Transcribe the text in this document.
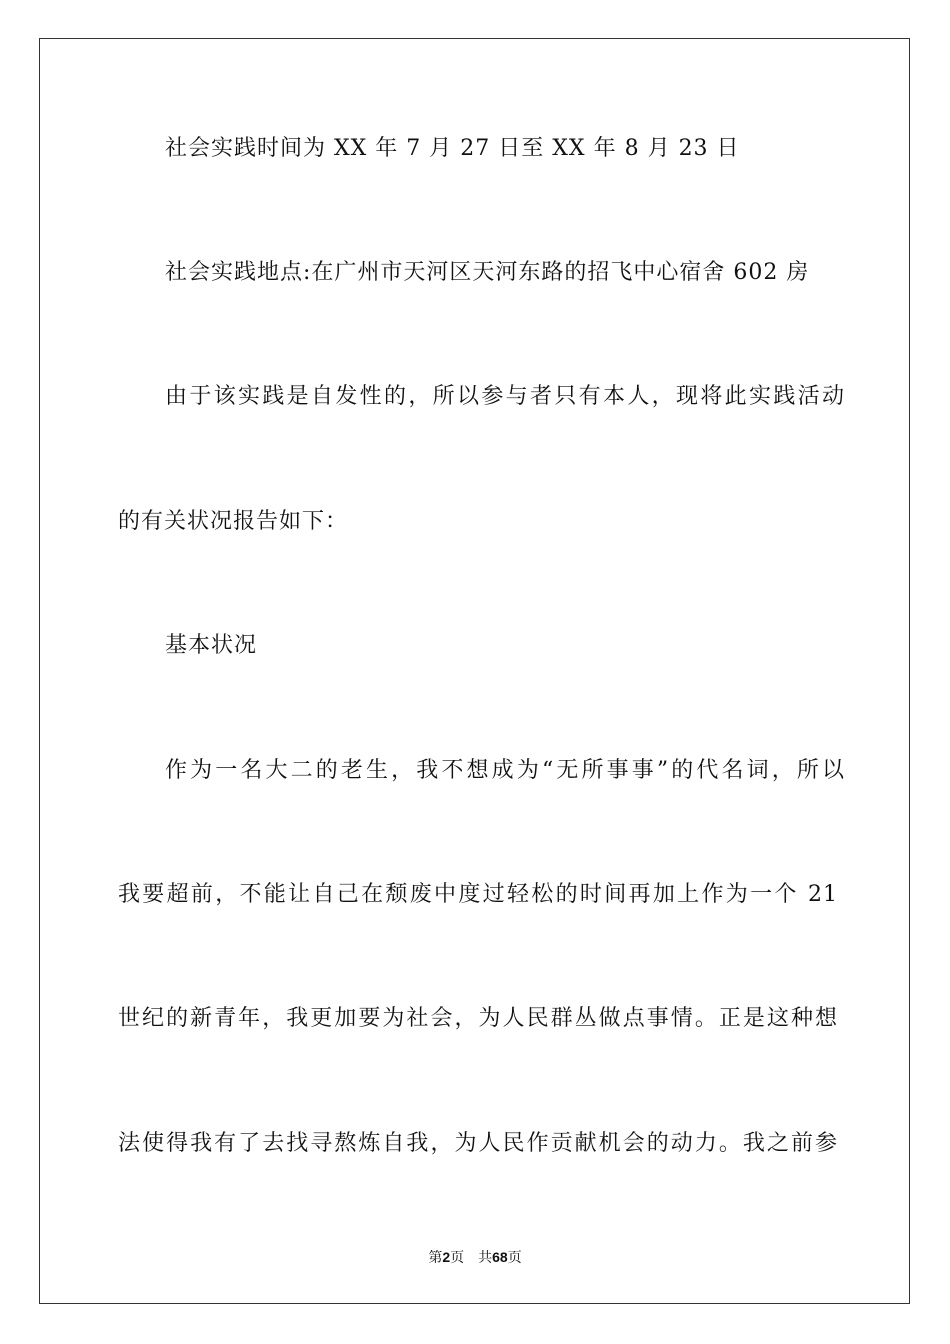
社会实践时间为 XX 年 7 月 27 日至 XX 年 8 月 23 日
社会实践地点:在广州市天河区天河东路的招飞中心宿舍 602 房
由于该实践是自发性的，所以参与者只有本人，现将此实践活动
的有关状况报告如下：
基本状况
作为一名大二的老生，我不想成为“无所事事”的代名词，所以
我要超前，不能让自己在颓废中度过轻松的时间再加上作为一个 21
世纪的新青年，我更加要为社会，为人民群丛做点事情。正是这种想
法使得我有了去找寻熬炼自我，为人民作贡献机会的动力。我之前参
第2页 共68页
